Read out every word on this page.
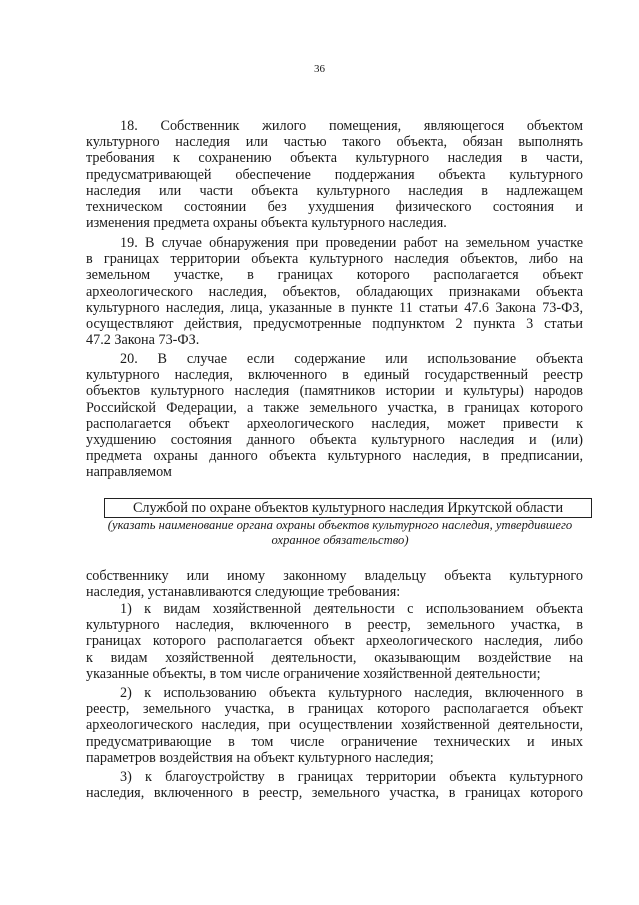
36
18. Собственник жилого помещения, являющегося объектом
культурного наследия или частью такого объекта, обязан выполнять
требования к сохранению объекта культурного наследия в части,
предусматривающей обеспечение поддержания объекта культурного
наследия или части объекта культурного наследия в надлежащем
техническом состоянии без ухудшения физического состояния и
изменения предмета охраны объекта культурного наследия.
19. В случае обнаружения при проведении работ на земельном участке
в границах территории объекта культурного наследия объектов, либо на
земельном участке, в границах которого располагается объект
археологического наследия, объектов, обладающих признаками объекта
культурного наследия, лица, указанные в пункте 11 статьи 47.6 Закона 73-ФЗ,
осуществляют действия, предусмотренные подпунктом 2 пункта 3 статьи
47.2 Закона 73-ФЗ.
20. В случае если содержание или использование объекта
культурного наследия, включенного в единый государственный реестр
объектов культурного наследия (памятников истории и культуры) народов
Российской Федерации, а также земельного участка, в границах которого
располагается объект археологического наследия, может привести к
ухудшению состояния данного объекта культурного наследия и (или)
предмета охраны данного объекта культурного наследия, в предписании,
направляемом
Службой по охране объектов культурного наследия Иркутской области
(указать наименование органа охраны объектов культурного наследия, утвердившего
охранное обязательство)
собственнику или иному законному владельцу объекта культурного
наследия, устанавливаются следующие требования:
1) к видам хозяйственной деятельности с использованием объекта
культурного наследия, включенного в реестр, земельного участка, в
границах которого располагается объект археологического наследия, либо
к видам хозяйственной деятельности, оказывающим воздействие на
указанные объекты, в том числе ограничение хозяйственной деятельности;
2) к использованию объекта культурного наследия, включенного в
реестр, земельного участка, в границах которого располагается объект
археологического наследия, при осуществлении хозяйственной деятельности,
предусматривающие в том числе ограничение технических и иных
параметров воздействия на объект культурного наследия;
3) к благоустройству в границах территории объекта культурного
наследия, включенного в реестр, земельного участка, в границах которого
